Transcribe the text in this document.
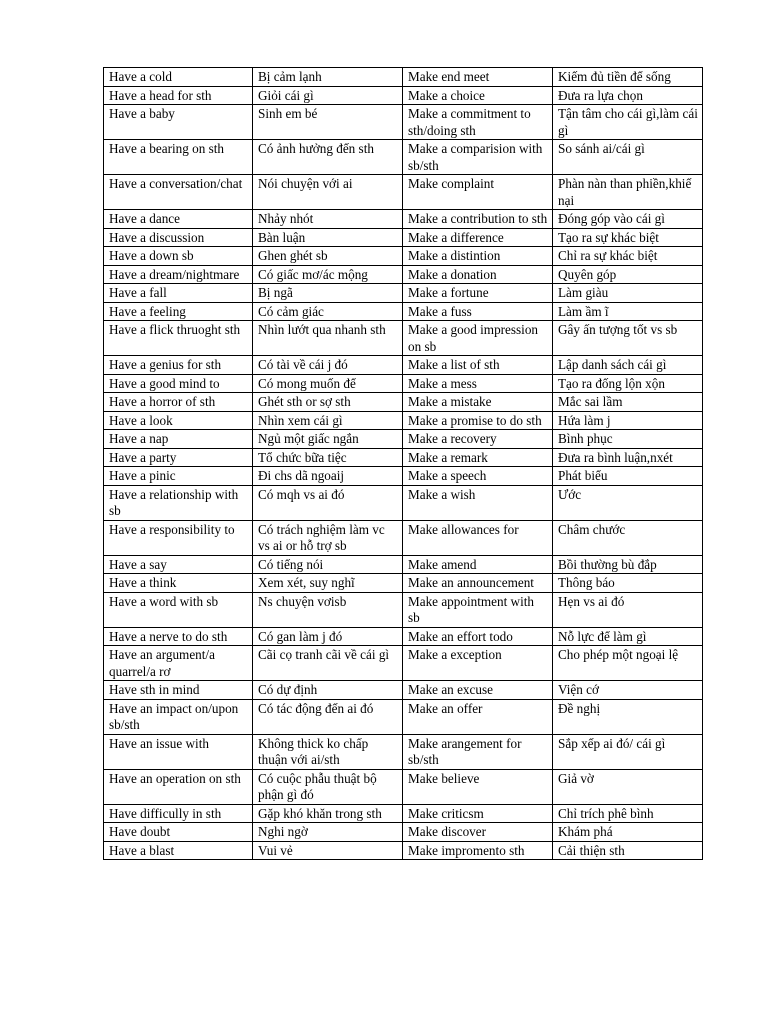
Have a cold	Bị cảm lạnh	Make end meet	Kiếm đủ tiền để sống
Have a head for sth	Giỏi cái gì	Make a choice	Đưa ra lựa chọn
Have a baby	Sinh em bé	Make a commitment to sth/doing sth	Tận tâm cho cái gì,làm cái gì
Have a bearing on sth	Có ảnh hưởng đến sth	Make a comparision with sb/sth	So sánh ai/cái gì
Have a conversation/chat	Nói chuyện với ai	Make complaint	Phàn nàn than phiền,khiế nại
Have a dance	Nhảy nhót	Make a contribution to sth	Đóng góp vào cái gì
Have a discussion	Bàn luận	Make a difference	Tạo ra sự khác biệt
Have a down sb	Ghen ghét sb	Make a distintion	Chỉ ra sự khác biệt
Have a dream/nightmare	Có giấc mơ/ác mộng	Make a donation	Quyên góp
Have a fall	Bị ngã	Make a fortune	Làm giàu
Have a feeling	Có cảm giác	Make a fuss	Làm ầm ĩ
Have a flick thruoght sth	Nhìn lướt qua nhanh sth	Make a good impression on sb	Gây ấn tượng tốt vs sb
Have a genius for sth	Có tài về cái j đó	Make a list of sth	Lập danh sách cái gì
Have a good mind to	Có mong muốn để	Make a mess	Tạo ra đống lộn xộn
Have a horror of sth	Ghét sth or sợ sth	Make a mistake	Mắc sai lầm
Have a look	Nhìn xem cái gì	Make a promise to do sth	Hứa làm j
Have a nap	Ngủ một giấc ngắn	Make a recovery	Bình phục
Have a party	Tổ chức bữa tiệc	Make a remark	Đưa ra bình luận,nxét
Have a pinic	Đi chs dã ngoaij	Make a speech	Phát biểu
Have a relationship with sb	Có mqh vs ai đó	Make a wish	Ước
Have a responsibility to	Có trách nghiệm làm vc vs ai or hỗ trợ sb	Make allowances for	Châm chước
Have a say	Có tiếng nói	Make amend	Bồi thường bù đắp
Have a think	Xem xét, suy nghĩ	Make an announcement	Thông báo
Have a word with sb	Ns chuyện vơisb	Make appointment with sb	Hẹn vs ai đó
Have a nerve to do sth	Có gan làm j đó	Make an effort todo	Nỗ lực để làm gì
Have an argument/a quarrel/a rơ	Cãi cọ tranh cãi về cái gì	Make a exception	Cho phép một ngoại lệ
Have sth in mind	Có dự định	Make an excuse	Viện cớ
Have an impact on/upon sb/sth	Có tác động đến ai đó	Make an offer	Đề nghị
Have an issue with	Không thick ko chấp thuận với ai/sth	Make arangement for sb/sth	Sắp xếp ai đó/ cái gì
Have an operation on sth	Có cuộc phẫu thuật bộ phận gì đó	Make believe	Giả vờ
Have difficully in sth	Gặp khó khăn trong sth	Make criticsm	Chỉ trích phê bình
Have doubt	Nghi ngờ	Make discover	Khám phá
Have a blast	Vui vẻ	Make impromento sth	Cải thiện sth
